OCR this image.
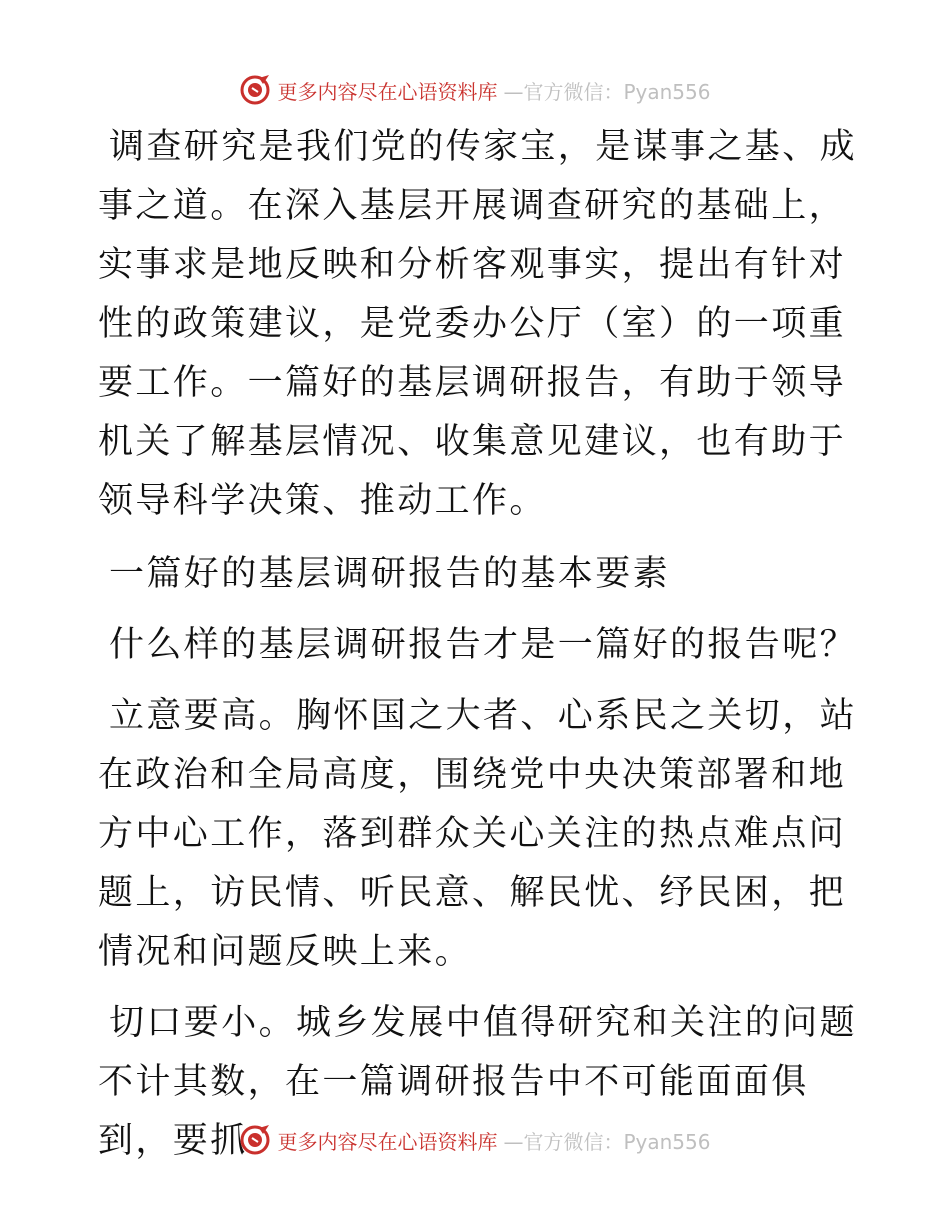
更多内容尽在心语资料库 —官方微信：Pyan556

调查研究是我们党的传家宝，是谋事之基、成事之道。在深入基层开展调查研究的基础上，实事求是地反映和分析客观事实，提出有针对性的政策建议，是党委办公厅（室）的一项重要工作。一篇好的基层调研报告，有助于领导机关了解基层情况、收集意见建议，也有助于领导科学决策、推动工作。

一篇好的基层调研报告的基本要素

什么样的基层调研报告才是一篇好的报告呢？

立意要高。胸怀国之大者、心系民之关切，站在政治和全局高度，围绕党中央决策部署和地方中心工作，落到群众关心关注的热点难点问题上，访民情、听民意、解民忧、纾民困，把情况和问题反映上来。

切口要小。城乡发展中值得研究和关注的问题不计其数，在一篇调研报告中不可能面面俱到，要抓	更多内容尽在心语资料库 —官方微信：Pyan556
